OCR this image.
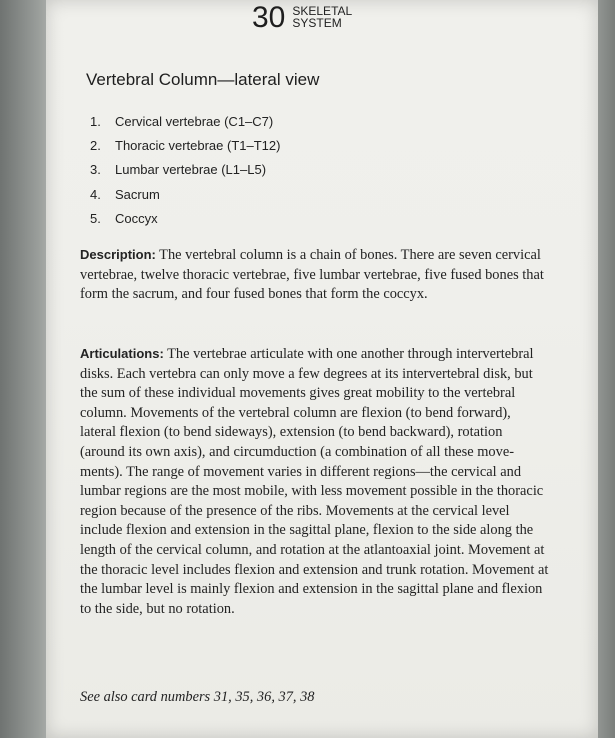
30 SKELETAL
SYSTEM
Vertebral Column—lateral view
1.	Cervical vertebrae (C1–C7)
2.	Thoracic vertebrae (T1–T12)
3.	Lumbar vertebrae (L1–L5)
4.	Sacrum
5.	Coccyx

Description: The vertebral column is a chain of bones. There are seven cervical vertebrae, twelve thoracic vertebrae, five lumbar vertebrae, five fused bones that form the sacrum, and four fused bones that form the coccyx.

Articulations: The vertebrae articulate with one another through intervertebral disks. Each vertebra can only move a few degrees at its intervertebral disk, but the sum of these individual movements gives great mobility to the vertebral column. Movements of the vertebral column are flexion (to bend forward), lateral flexion (to bend sideways), extension (to bend backward), rotation (around its own axis), and circumduction (a combination of all these move-ments). The range of movement varies in different regions—the cervical and lumbar regions are the most mobile, with less movement possible in the thoracic region because of the presence of the ribs. Movements at the cervical level include flexion and extension in the sagittal plane, flexion to the side along the length of the cervical column, and rotation at the atlantoaxial joint. Movement at the thoracic level includes flexion and extension and trunk rotation. Movement at the lumbar level is mainly flexion and extension in the sagittal plane and flexion to the side, but no rotation.

See also card numbers 31, 35, 36, 37, 38
